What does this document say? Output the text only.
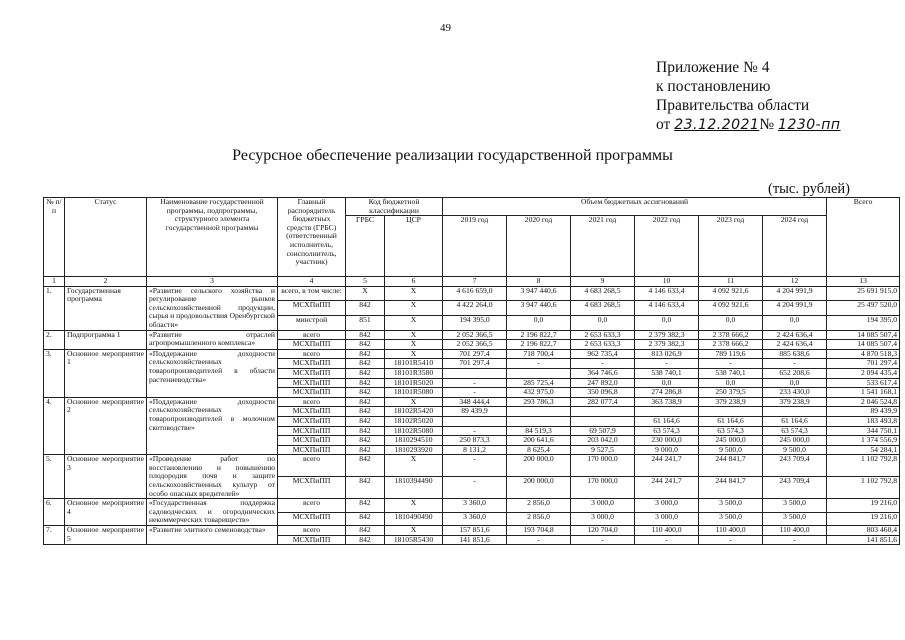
49
Приложение № 4
к постановлению
Правительства области
от 23.12.2021№ 1230-пп
Ресурсное обеспечение реализации государственной программы
(тыс. рублей)
№ п/п	Статус	Наименование государственной программы, подпрограммы, структурного элемента государственной программы	Главный распорядитель бюджетных средств (ГРБС) (ответственный исполнитель, соисполнитель, участник)	Код бюджетной классификации		Объем бюджетных ассигнований						Всего
				ГРБС	ЦСР	2019 год	2020 год	2021 год	2022 год	2023 год	2024 год	
1	2	3	4	5	6	7	8	9	10	11	12	13
1.	Государственная программа	«Развитие сельского хозяйства и регулирование рынков сельскохозяйственной продукции, сырья и продовольствия Оренбургской области»	всего, в том числе:	X	X	4 616 659,0	3 947 440,6	4 683 268,5	4 146 633,4	4 092 921,6	4 204 991,9	25 691 915,0
			МСХПиПП	842	X	4 422 264,0	3 947 440,6	4 683 268,5	4 146 633,4	4 092 921,6	4 204 991,9	25 497 520,0
			минстрой	851	X	194 395,0	0,0	0,0	0,0	0,0	0,0	194 395,0
2.	Подпрограмма 1	«Развитие отраслей агропромышленного комплекса»	всего	842	X	2 052 366,5	2 196 822,7	2 653 633,3	2 379 382,3	2 378 666,2	2 424 636,4	14 085 507,4
			МСХПиПП	842	X	2 052 366,5	2 196 822,7	2 653 633,3	2 379 382,3	2 378 666,2	2 424 636,4	14 085 507,4
3.	Основное мероприятие 1	«Поддержание доходности сельскохозяйственных товаропроизводителей в области растениеводства»	всего	842	X	701 297,4	718 700,4	962 735,4	813 026,9	789 119,6	885 638,6	4 870 518,3
			МСХПиПП	842	18101R5410	701 297,4	-	-	-	-	-	701 297,4
			МСХПиПП	842	18101R3580			364 746,6	538 740,1	538 740,1	652 208,6	2 094 435,4
			МСХПиПП	842	18101R5020	-	285 725,4	247 892,0	0,0	0,0	0,0	533 617,4
			МСХПиПП	842	18101R5080	-	432 975,0	350 096,8	274 286,8	250 379,5	233 430,0	1 541 168,1
4.	Основное мероприятие 2	«Поддержание доходности сельскохозяйственных товаропроизводителей в молочном скотоводстве»	всего	842	X	348 444,4	293 786,3	282 077,4	363 738,9	379 238,9	379 238,9	2 046 524,8
			МСХПиПП	842	18102R5420	89 439,9						89 439,9
			МСХПиПП	842	18102R5020				61 164,6	61 164,6	61 164,6	183 493,8
			МСХПиПП	842	18102R5080	-	84 519,3	69 507,9	63 574,3	63 574,3	63 574,3	344 750,1
			МСХПиПП	842	1810294510	250 873,3	200 641,6	203 042,0	230 000,0	245 000,0	245 000,0	1 374 556,9
			МСХПиПП	842	1810293920	8 131,2	8 625,4	9 527,5	9 000,0	9 500,0	9 500,0	54 284,1
5.	Основное мероприятие 3	«Проведение работ по восстановлению и повышению плодородия почв и защите сельскохозяйственных культур от особо опасных вредителей»	всего	842	X	-	200 000,0	170 000,0	244 241,7	244 841,7	243 709,4	1 102 792,8
			МСХПиПП	842	1810394490	-	200 000,0	170 000,0	244 241,7	244 841,7	243 709,4	1 102 792,8
6.	Основное мероприятие 4	«Государственная поддержка садоводческих и огороднических некоммерческих товариществ»	всего	842	X	3 360,0	2 856,0	3 000,0	3 000,0	3 500,0	3 500,0	19 216,0
			МСХПиПП	842	1810490490	3 360,0	2 856,0	3 000,0	3 000,0	3 500,0	3 500,0	19 216,0
7.	Основное мероприятие 5	«Развитие элитного семеноводства»	всего	842	X	157 851,6	193 704,8	120 704,0	110 400,0	110 400,0	110 400,0	803 460,4
			МСХПиПП	842	18105R5430	141 851,6	-	-	-	-	-	141 851,6
